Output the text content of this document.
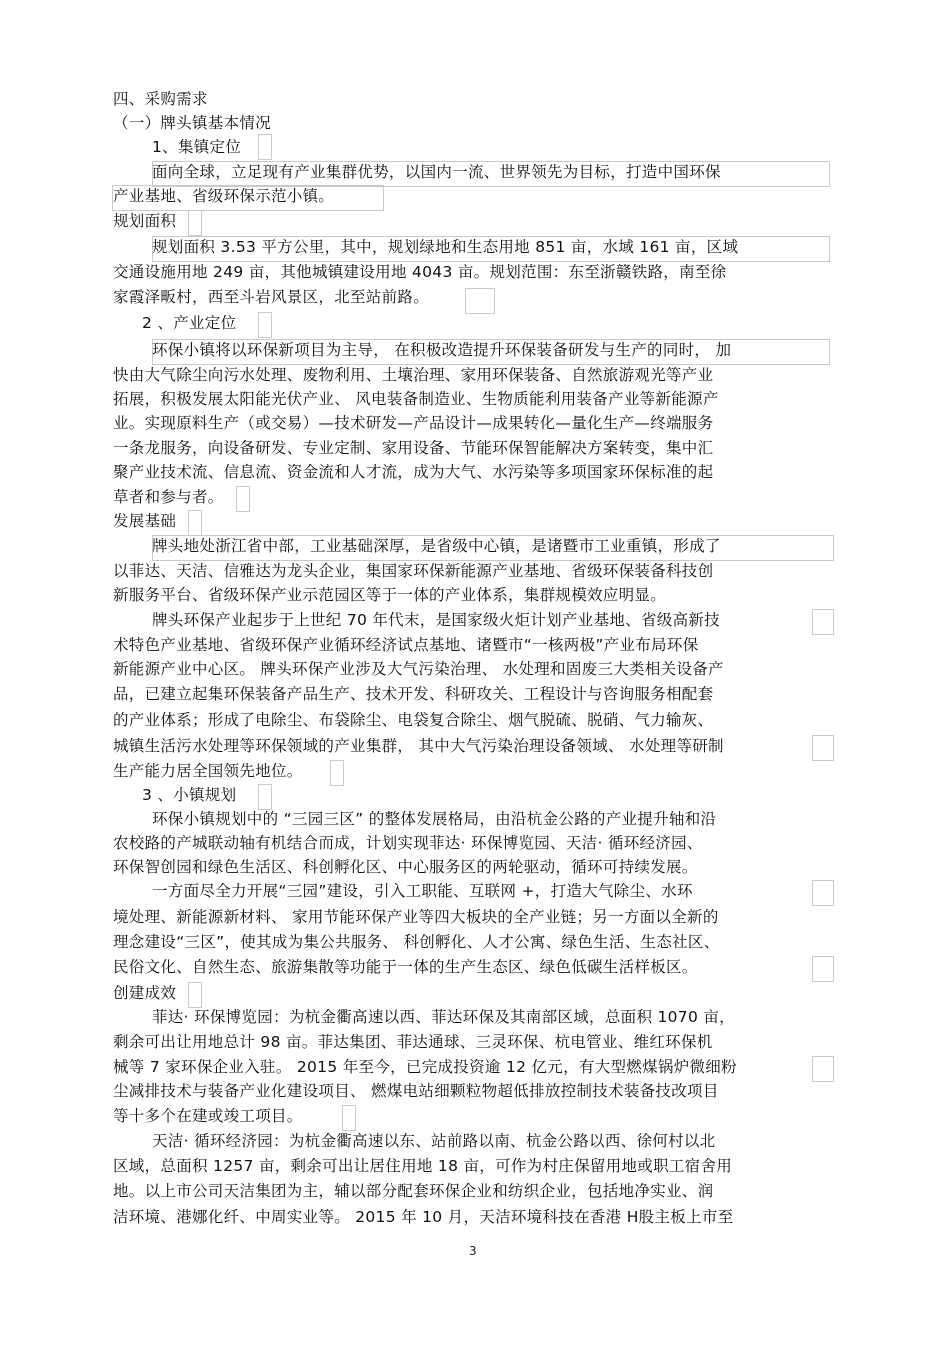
四、采购需求
（一）牌头镇基本情况
1、集镇定位
面向全球，立足现有产业集群优势，以国内一流、世界领先为目标，打造中国环保
产业基地、省级环保示范小镇。
规划面积
规划面积 3.53 平方公里，其中，规划绿地和生态用地 851 亩，水域 161 亩，区域
交通设施用地 249 亩，其他城镇建设用地 4043 亩。规划范围：东至浙赣铁路，南至徐
家霞泽畈村，西至斗岩风景区，北至站前路。
2 、产业定位
环保小镇将以环保新项目为主导， 在积极改造提升环保装备研发与生产的同时， 加
快由大气除尘向污水处理、废物利用、土壤治理、家用环保装备、自然旅游观光等产业
拓展，积极发展太阳能光伏产业、 风电装备制造业、生物质能利用装备产业等新能源产
业。实现原料生产（或交易）—技术研发—产品设计—成果转化—量化生产—终端服务
一条龙服务，向设备研发、专业定制、家用设备、节能环保智能解决方案转变，集中汇
聚产业技术流、信息流、资金流和人才流，成为大气、水污染等多项国家环保标准的起
草者和参与者。
发展基础
牌头地处浙江省中部，工业基础深厚，是省级中心镇，是诸暨市工业重镇，形成了
以菲达、天洁、信雅达为龙头企业，集国家环保新能源产业基地、省级环保装备科技创
新服务平台、省级环保产业示范园区等于一体的产业体系，集群规模效应明显。
牌头环保产业起步于上世纪 70 年代末，是国家级火炬计划产业基地、省级高新技
术特色产业基地、省级环保产业循环经济试点基地、诸暨市“一核两极”产业布局环保
新能源产业中心区。 牌头环保产业涉及大气污染治理、 水处理和固废三大类相关设备产
品，已建立起集环保装备产品生产、技术开发、科研攻关、工程设计与咨询服务相配套
的产业体系；形成了电除尘、布袋除尘、电袋复合除尘、烟气脱硫、脱硝、气力输灰、
城镇生活污水处理等环保领域的产业集群， 其中大气污染治理设备领域、 水处理等研制
生产能力居全国领先地位。
3 、小镇规划
环保小镇规划中的 “三园三区” 的整体发展格局，由沿杭金公路的产业提升轴和沿
农校路的产城联动轴有机结合而成，计划实现菲达· 环保博览园、天洁· 循环经济园、
环保智创园和绿色生活区、科创孵化区、中心服务区的两轮驱动，循环可持续发展。
一方面尽全力开展“三园”建设，引入工职能、互联网 +，打造大气除尘、水环
境处理、新能源新材料、 家用节能环保产业等四大板块的全产业链；另一方面以全新的
理念建设“三区”，使其成为集公共服务、 科创孵化、人才公寓、绿色生活、生态社区、
民俗文化、自然生态、旅游集散等功能于一体的生产生态区、绿色低碳生活样板区。
创建成效
菲达· 环保博览园：为杭金衢高速以西、菲达环保及其南部区域，总面积 1070 亩，
剩余可出让用地总计 98 亩。菲达集团、菲达通球、三灵环保、杭电管业、维红环保机
械等 7 家环保企业入驻。 2015 年至今，已完成投资逾 12 亿元，有大型燃煤锅炉微细粉
尘减排技术与装备产业化建设项目、 燃煤电站细颗粒物超低排放控制技术装备技改项目
等十多个在建或竣工项目。
天洁· 循环经济园：为杭金衢高速以东、站前路以南、杭金公路以西、徐何村以北
区域，总面积 1257 亩，剩余可出让居住用地 18 亩，可作为村庄保留用地或职工宿舍用
地。以上市公司天洁集团为主，辅以部分配套环保企业和纺织企业，包括地净实业、润
洁环境、港娜化纤、中周实业等。 2015 年 10 月，天洁环境科技在香港 H股主板上市至
3
